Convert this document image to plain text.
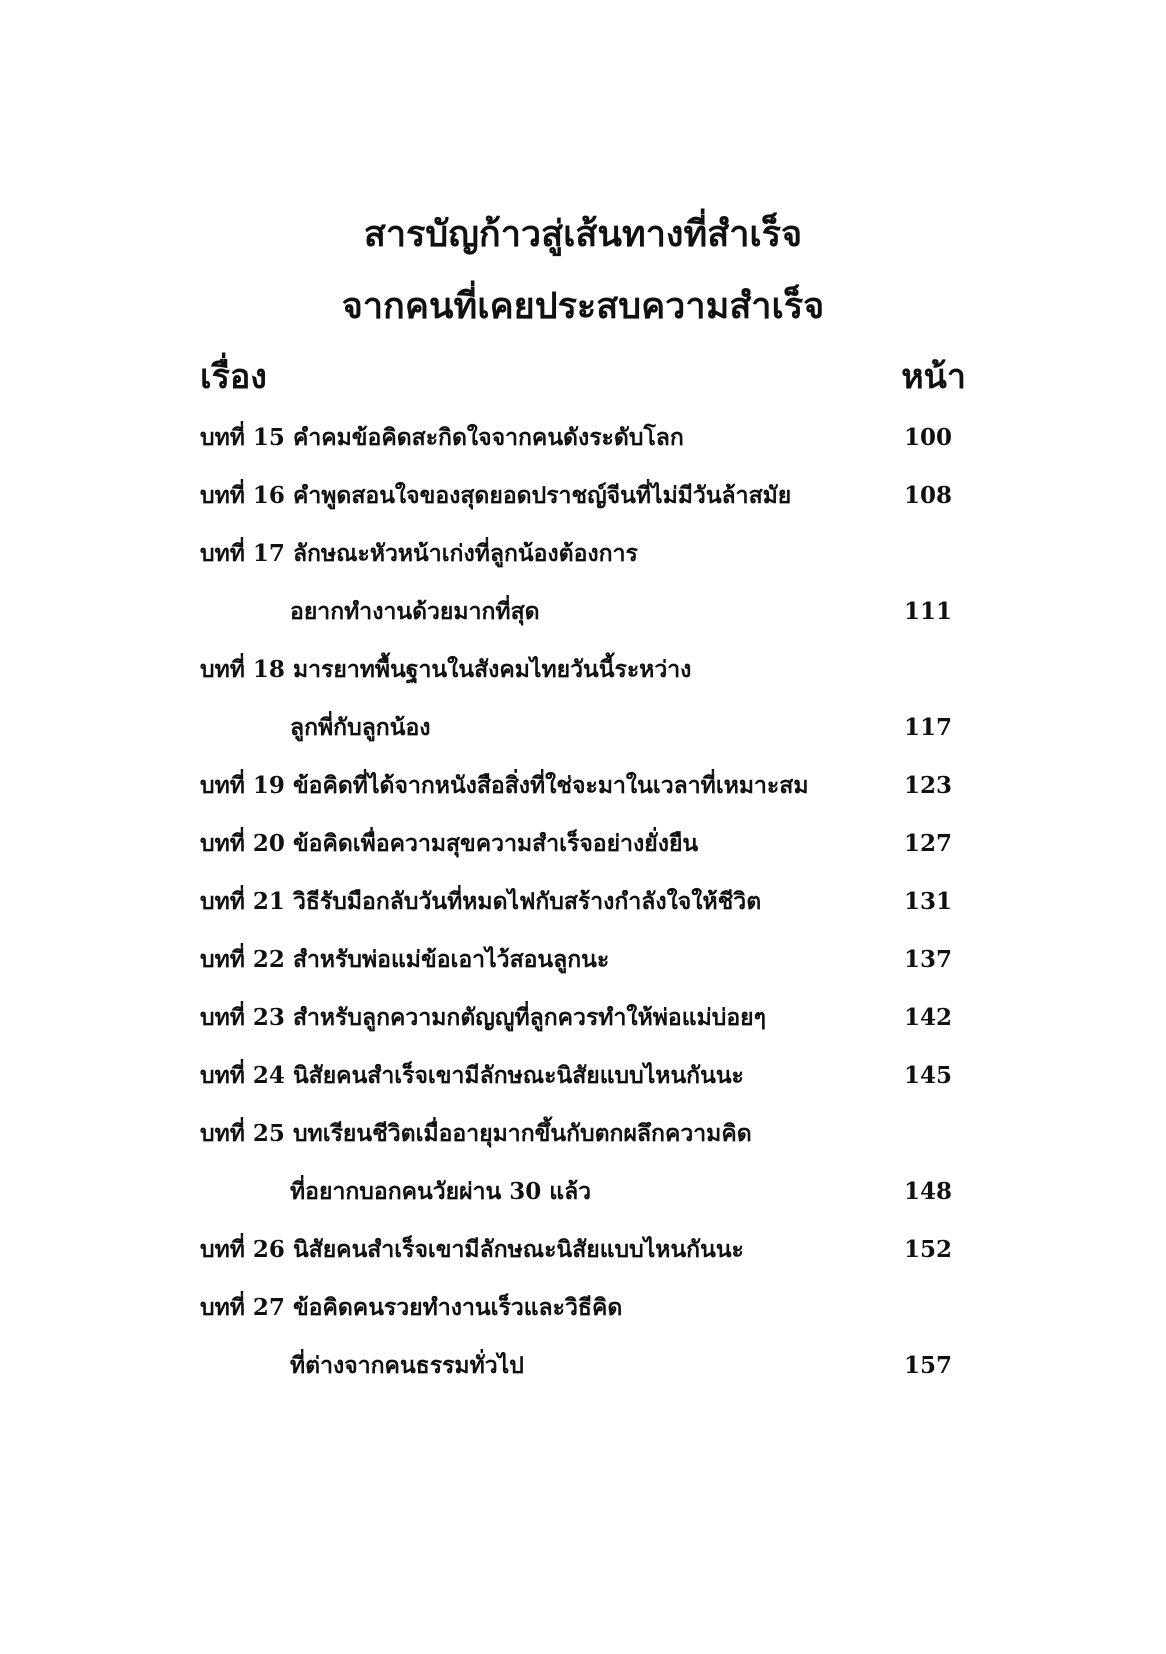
สารบัญก้าวสู่เส้นทางที่สำเร็จ
จากคนที่เคยประสบความสำเร็จ
เรื่อง	หน้า
บทที่ 15 คำคมข้อคิดสะกิดใจจากคนดังระดับโลก	100
บทที่ 16 คำพูดสอนใจของสุดยอดปราชญ์จีนที่ไม่มีวันล้าสมัย	108
บทที่ 17 ลักษณะหัวหน้าเก่งที่ลูกน้องต้องการ
อยากทำงานด้วยมากที่สุด	111
บทที่ 18 มารยาทพื้นฐานในสังคมไทยวันนี้ระหว่าง
ลูกพี่กับลูกน้อง	117
บทที่ 19 ข้อคิดที่ได้จากหนังสือสิ่งที่ใช่จะมาในเวลาที่เหมาะสม	123
บทที่ 20 ข้อคิดเพื่อความสุขความสำเร็จอย่างยั่งยืน	127
บทที่ 21 วิธีรับมือกลับวันที่หมดไฟกับสร้างกำลังใจให้ชีวิต	131
บทที่ 22 สำหรับพ่อแม่ข้อเอาไว้สอนลูกนะ	137
บทที่ 23 สำหรับลูกความกตัญญูที่ลูกควรทำให้พ่อแม่บ่อยๆ	142
บทที่ 24 นิสัยคนสำเร็จเขามีลักษณะนิสัยแบบไหนกันนะ	145
บทที่ 25 บทเรียนชีวิตเมื่ออายุมากขึ้นกับตกผลึกความคิด
ที่อยากบอกคนวัยผ่าน 30 แล้ว	148
บทที่ 26 นิสัยคนสำเร็จเขามีลักษณะนิสัยแบบไหนกันนะ	152
บทที่ 27 ข้อคิดคนรวยทำงานเร็วและวิธีคิด
ที่ต่างจากคนธรรมทั่วไป	157
